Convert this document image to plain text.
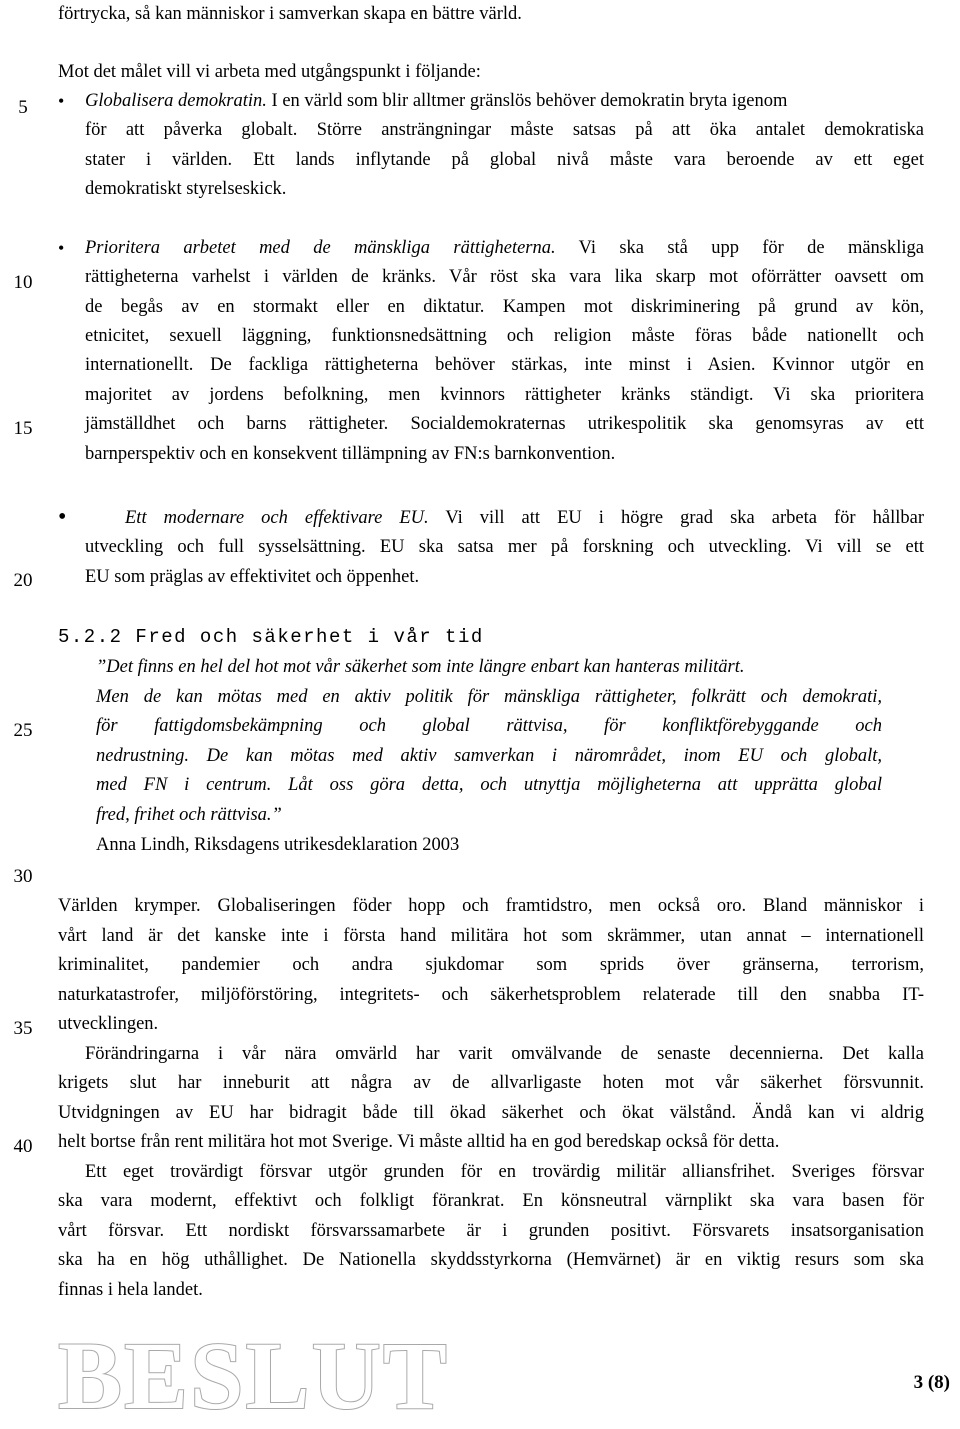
5
10
15
20
25
30
35
40
förtrycka, så kan människor i samverkan skapa en bättre värld.
Mot det målet vill vi arbeta med utgångspunkt i följande:
• Globalisera demokratin. I en värld som blir alltmer gränslös behöver demokratin bryta igenom
för att påverka globalt. Större ansträngningar måste satsas på att öka antalet demokratiska
stater i världen. Ett lands inflytande på global nivå måste vara beroende av ett eget
demokratiskt styrelseskick.
• Prioritera arbetet med de mänskliga rättigheterna. Vi ska stå upp för de mänskliga
rättigheterna varhelst i världen de kränks. Vår röst ska vara lika skarp mot oförrätter oavsett om
de begås av en stormakt eller en diktatur. Kampen mot diskriminering på grund av kön,
etnicitet, sexuell läggning, funktionsnedsättning och religion måste föras både nationellt och
internationellt. De fackliga rättigheterna behöver stärkas, inte minst i Asien. Kvinnor utgör en
majoritet av jordens befolkning, men kvinnors rättigheter kränks ständigt. Vi ska prioritera
jämställdhet och barns rättigheter. Socialdemokraternas utrikespolitik ska genomsyras av ett
barnperspektiv och en konsekvent tillämpning av FN:s barnkonvention.
•	Ett modernare och effektivare EU. Vi vill att EU i högre grad ska arbeta för hållbar
utveckling och full sysselsättning. EU ska satsa mer på forskning och utveckling. Vi vill se ett
EU som präglas av effektivitet och öppenhet.
5.2.2 Fred och säkerhet i vår tid
”Det finns en hel del hot mot vår säkerhet som inte längre enbart kan hanteras militärt.
Men de kan mötas med en aktiv politik för mänskliga rättigheter, folkrätt och demokrati,
för fattigdomsbekämpning och global rättvisa, för konfliktförebyggande och
nedrustning. De kan mötas med aktiv samverkan i närområdet, inom EU och globalt,
med FN i centrum. Låt oss göra detta, och utnyttja möjligheterna att upprätta global
fred, frihet och rättvisa.”
Anna Lindh, Riksdagens utrikesdeklaration 2003
Världen krymper. Globaliseringen föder hopp och framtidstro, men också oro. Bland människor i
vårt land är det kanske inte i första hand militära hot som skrämmer, utan annat – internationell
kriminalitet, pandemier och andra sjukdomar som sprids över gränserna, terrorism,
naturkatastrofer, miljöförstöring, integritets- och säkerhetsproblem relaterade till den snabba IT-
utvecklingen.
Förändringarna i vår nära omvärld har varit omvälvande de senaste decennierna. Det kalla
krigets slut har inneburit att några av de allvarligaste hoten mot vår säkerhet försvunnit.
Utvidgningen av EU har bidragit både till ökad säkerhet och ökat välstånd. Ändå kan vi aldrig
helt bortse från rent militära hot mot Sverige. Vi måste alltid ha en god beredskap också för detta.
Ett eget trovärdigt försvar utgör grunden för en trovärdig militär alliansfrihet. Sveriges försvar
ska vara modernt, effektivt och folkligt förankrat. En könsneutral värnplikt ska vara basen för
vårt försvar. Ett nordiskt försvarssamarbete är i grunden positivt. Försvarets insatsorganisation
ska ha en hög uthållighet. De Nationella skyddsstyrkorna (Hemvärnet) är en viktig resurs som ska
finnas i hela landet.
BESLUT	3 (8)
